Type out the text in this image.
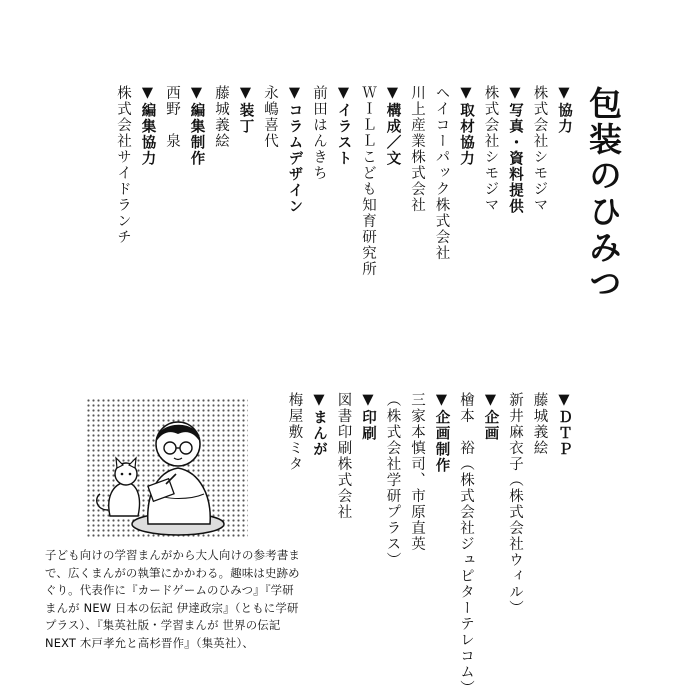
包装のひみつ
▼協力
株式会社シモジマ
▼写真・資料提供
株式会社シモジマ
▼取材協力
ヘイコーパック株式会社
川上産業株式会社
▼構成／文
ＷＩＬＬこども知育研究所
▼イラスト
前田はんきち
▼コラムデザイン
永嶋喜代
▼装丁
藤城義絵
▼編集制作
西野　泉
▼編集協力
株式会社サイドランチ
▼ＤＴＰ
藤城義絵
新井麻衣子（株式会社ウィル）
▼企画
檜本　裕（株式会社ジュピターテレコム）
▼企画制作
三家本慎司、市原直英
（株式会社学研プラス）
▼印刷
図書印刷株式会社
▼まんが
梅屋敷ミタ

子ども向けの学習まんがから大人向けの参考書まで、広くまんがの執筆にかかわる。趣味は史跡めぐり。代表作に『カードゲームのひみつ』『学研まんが NEW 日本の伝記 伊達政宗』（ともに学研プラス）、『集英社版・学習まんが 世界の伝記 NEXT 木戸孝允と高杉晋作』（集英社）、
